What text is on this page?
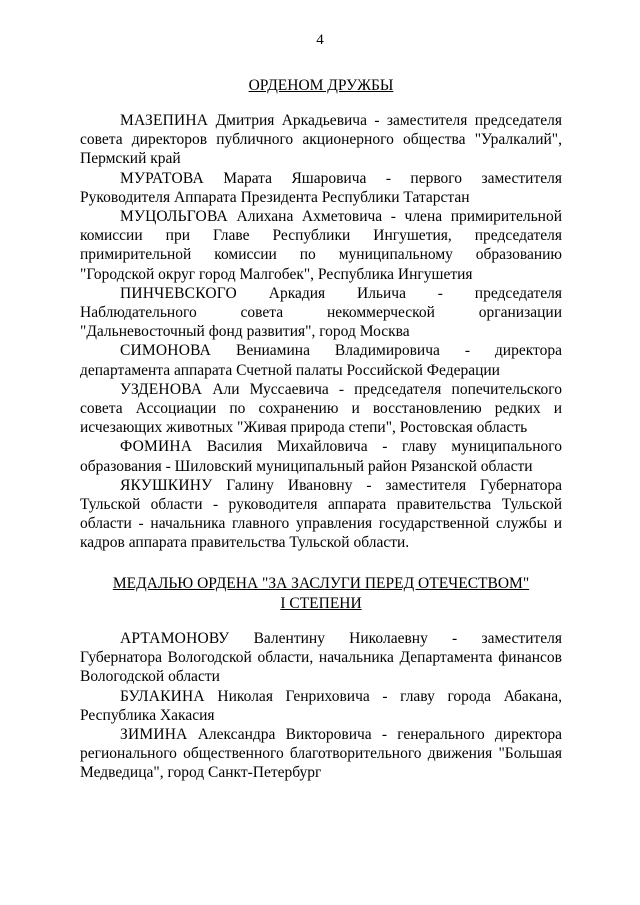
4
ОРДЕНОМ ДРУЖБЫ

МАЗЕПИНА Дмитрия Аркадьевича - заместителя председателя совета директоров публичного акционерного общества "Уралкалий", Пермский край

МУРАТОВА Марата Яшаровича - первого заместителя Руководителя Аппарата Президента Республики Татарстан

МУЦОЛЬГОВА Алихана Ахметовича - члена примирительной комиссии при Главе Республики Ингушетия, председателя примирительной комиссии по муниципальному образованию "Городской округ город Малгобек", Республика Ингушетия

ПИНЧЕВСКОГО Аркадия Ильича - председателя Наблюдательного совета некоммерческой организации "Дальневосточный фонд развития", город Москва

СИМОНОВА Вениамина Владимировича - директора департамента аппарата Счетной палаты Российской Федерации

УЗДЕНОВА Али Муссаевича - председателя попечительского совета Ассоциации по сохранению и восстановлению редких и исчезающих животных "Живая природа степи", Ростовская область

ФОМИНА Василия Михайловича - главу муниципального образования - Шиловский муниципальный район Рязанской области

ЯКУШКИНУ Галину Ивановну - заместителя Губернатора Тульской области - руководителя аппарата правительства Тульской области - начальника главного управления государственной службы и кадров аппарата правительства Тульской области.

МЕДАЛЬЮ ОРДЕНА "ЗА ЗАСЛУГИ ПЕРЕД ОТЕЧЕСТВОМ"
I СТЕПЕНИ

АРТАМОНОВУ Валентину Николаевну - заместителя Губернатора Вологодской области, начальника Департамента финансов Вологодской области

БУЛАКИНА Николая Генриховича - главу города Абакана, Республика Хакасия

ЗИМИНА Александра Викторовича - генерального директора регионального общественного благотворительного движения "Большая Медведица", город Санкт-Петербург
